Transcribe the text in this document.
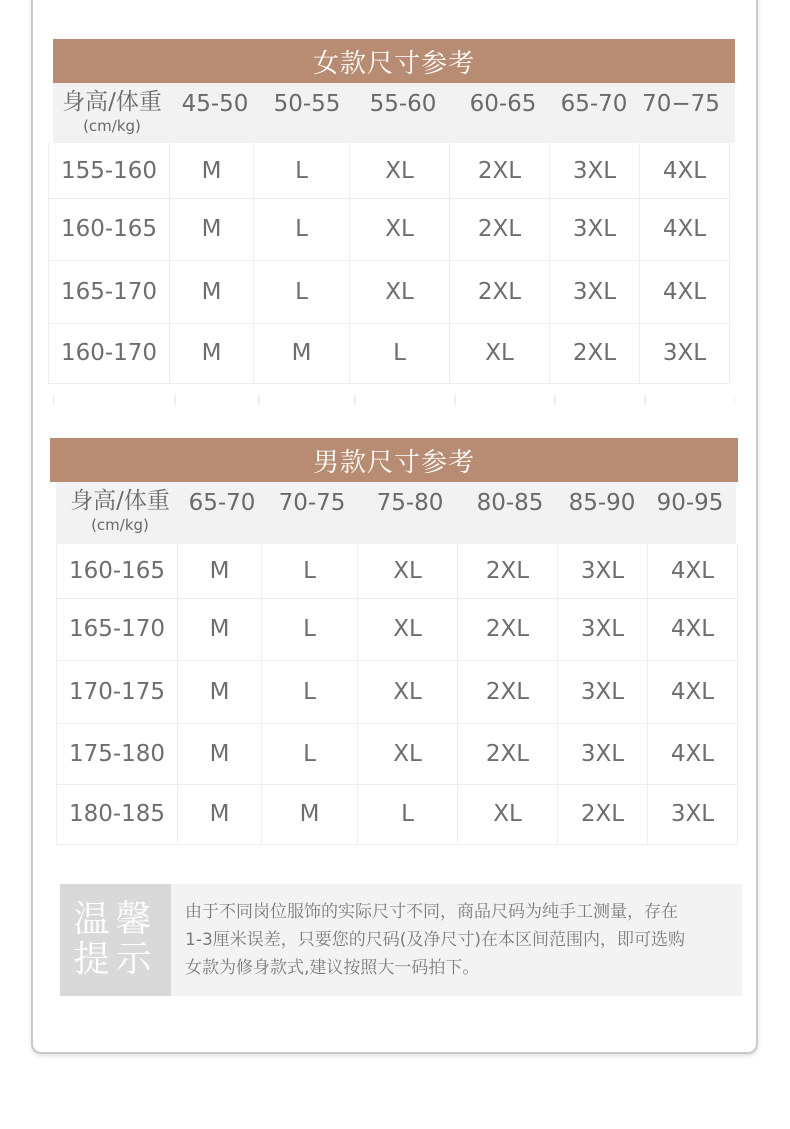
女款尺寸参考
身高/体重
(cm/kg)
45-50	50-55	55-60	60-65	65-70 70−75
155-160	M	L	XL	2XL	3XL	4XL
160-165	M	L	XL	2XL	3XL	4XL
165-170	M	L	XL	2XL	3XL	4XL
160-170	M	M	L	XL	2XL	3XL
男款尺寸参考
身高/体重
(cm/kg)
65-70	70-75	75-80	80-85	85-90 90-95
160-165	M	L	XL	2XL	3XL	4XL
165-170	M	L	XL	2XL	3XL	4XL
170-175	M	L	XL	2XL	3XL	4XL
175-180	M	L	XL	2XL	3XL	4XL
180-185	M	M	L	XL	2XL	3XL
温馨
提示
由于不同岗位服饰的实际尺寸不同，商品尺码为纯手工测量，存在
1-3厘米误差，只要您的尺码(及净尺寸)在本区间范围内，即可选购
女款为修身款式,建议按照大一码拍下。
